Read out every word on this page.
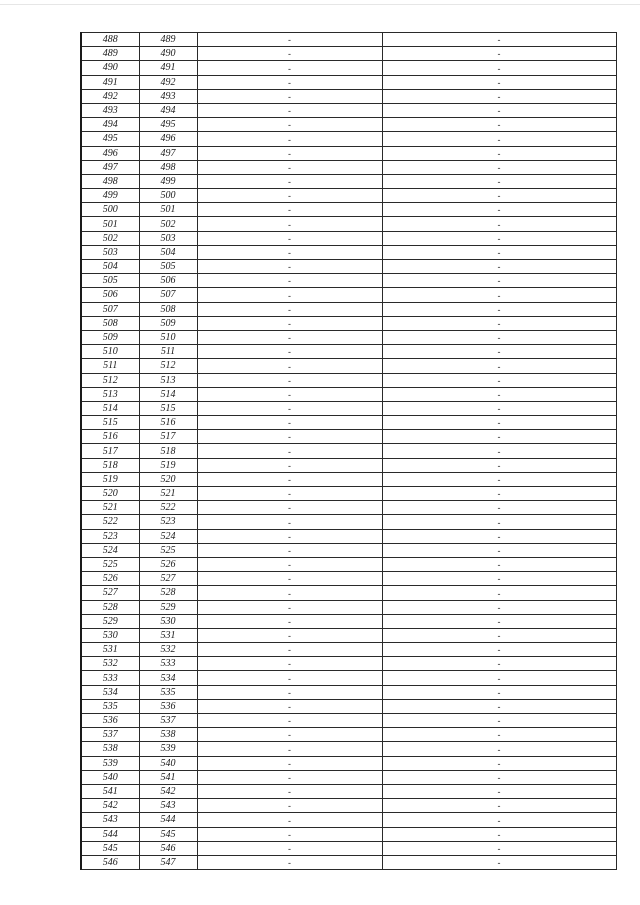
488	489	-	-
489	490	-	-
490	491	-	-
491	492	-	-
492	493	-	-
493	494	-	-
494	495	-	-
495	496	-	-
496	497	-	-
497	498	-	-
498	499	-	-
499	500	-	-
500	501	-	-
501	502	-	-
502	503	-	-
503	504	-	-
504	505	-	-
505	506	-	-
506	507	-	-
507	508	-	-
508	509	-	-
509	510	-	-
510	511	-	-
511	512	-	-
512	513	-	-
513	514	-	-
514	515	-	-
515	516	-	-
516	517	-	-
517	518	-	-
518	519	-	-
519	520	-	-
520	521	-	-
521	522	-	-
522	523	-	-
523	524	-	-
524	525	-	-
525	526	-	-
526	527	-	-
527	528	-	-
528	529	-	-
529	530	-	-
530	531	-	-
531	532	-	-
532	533	-	-
533	534	-	-
534	535	-	-
535	536	-	-
536	537	-	-
537	538	-	-
538	539	-	-
539	540	-	-
540	541	-	-
541	542	-	-
542	543	-	-
543	544	-	-
544	545	-	-
545	546	-	-
546	547	-	-
